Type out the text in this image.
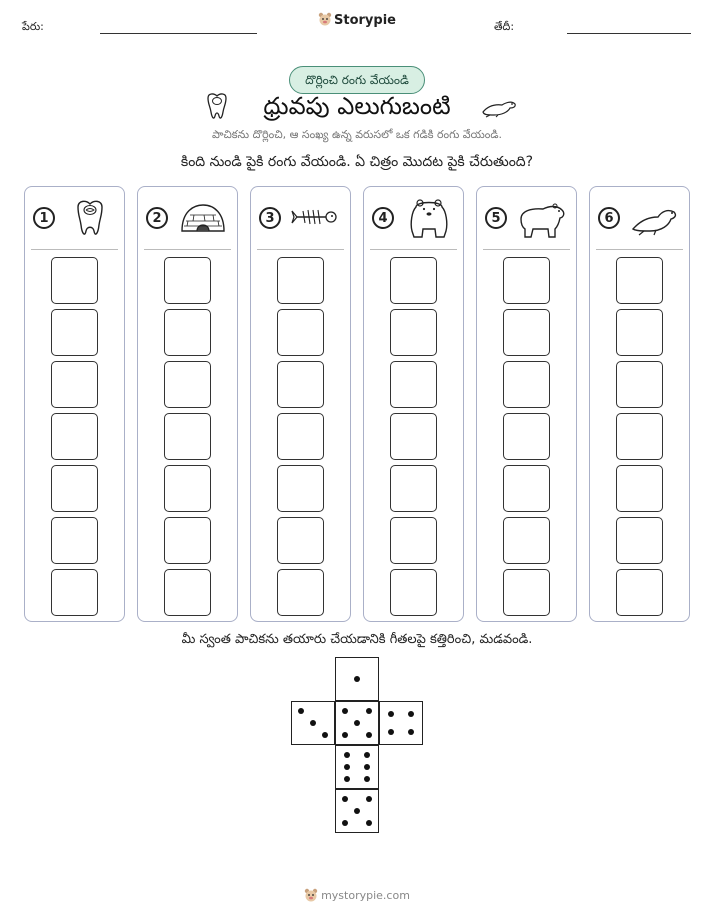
పేరు:	Storypie	తేదీ:
దొర్లించి రంగు వేయండి
ధ్రువపు ఎలుగుబంటి
పాచికను దొర్లించి, ఆ సంఖ్య ఉన్న వరుసలో ఒక గడికి రంగు వేయండి.
కింది నుండి పైకి రంగు వేయండి. ఏ చిత్రం మొదట పైకి చేరుతుంది?
1	2	3	4	5	6
మీ స్వంత పాచికను తయారు చేయడానికి గీతలపై కత్తిరించి, మడవండి.
mystorypie.com
